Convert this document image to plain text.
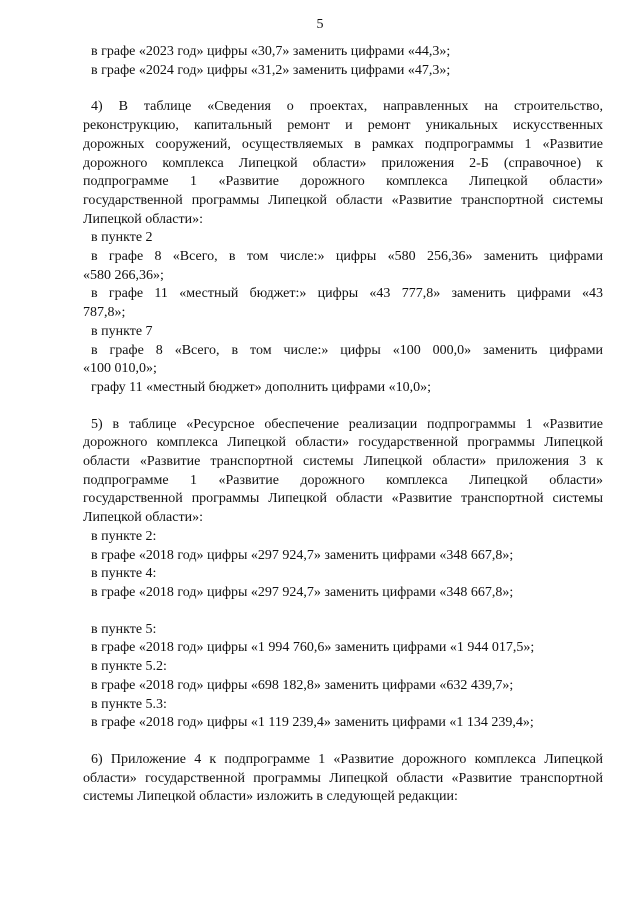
5
в графе «2023 год» цифры «30,7» заменить цифрами «44,3»;
в графе «2024 год» цифры «31,2» заменить цифрами «47,3»;
4) В таблице «Сведения о проектах, направленных на строительство,
реконструкцию, капитальный ремонт и ремонт уникальных искусственных
дорожных сооружений, осуществляемых в рамках подпрограммы 1 «Развитие
дорожного комплекса Липецкой области» приложения 2-Б (справочное) к
подпрограмме 1 «Развитие дорожного комплекса Липецкой области»
государственной программы Липецкой области «Развитие транспортной системы
Липецкой области»:
в пункте 2
в графе 8 «Всего, в том числе:» цифры «580 256,36» заменить цифрами
«580 266,36»;
в графе 11 «местный бюджет:» цифры «43 777,8» заменить цифрами «43
787,8»;
в пункте 7
в графе 8 «Всего, в том числе:» цифры «100 000,0» заменить цифрами
«100 010,0»;
графу 11 «местный бюджет» дополнить цифрами «10,0»;
5) в таблице «Ресурсное обеспечение реализации подпрограммы 1 «Развитие
дорожного комплекса Липецкой области» государственной программы Липецкой
области «Развитие транспортной системы Липецкой области» приложения 3 к
подпрограмме 1 «Развитие дорожного комплекса Липецкой области»
государственной программы Липецкой области «Развитие транспортной системы
Липецкой области»:
в пункте 2:
в графе «2018 год» цифры «297 924,7» заменить цифрами «348 667,8»;
в пункте 4:
в графе «2018 год» цифры «297 924,7» заменить цифрами «348 667,8»;
в пункте 5:
в графе «2018 год» цифры «1 994 760,6» заменить цифрами «1 944 017,5»;
в пункте 5.2:
в графе «2018 год» цифры «698 182,8» заменить цифрами «632 439,7»;
в пункте 5.3:
в графе «2018 год» цифры «1 119 239,4» заменить цифрами «1 134 239,4»;
6) Приложение 4 к подпрограмме 1 «Развитие дорожного комплекса Липецкой
области» государственной программы Липецкой области «Развитие транспортной
системы Липецкой области» изложить в следующей редакции:
